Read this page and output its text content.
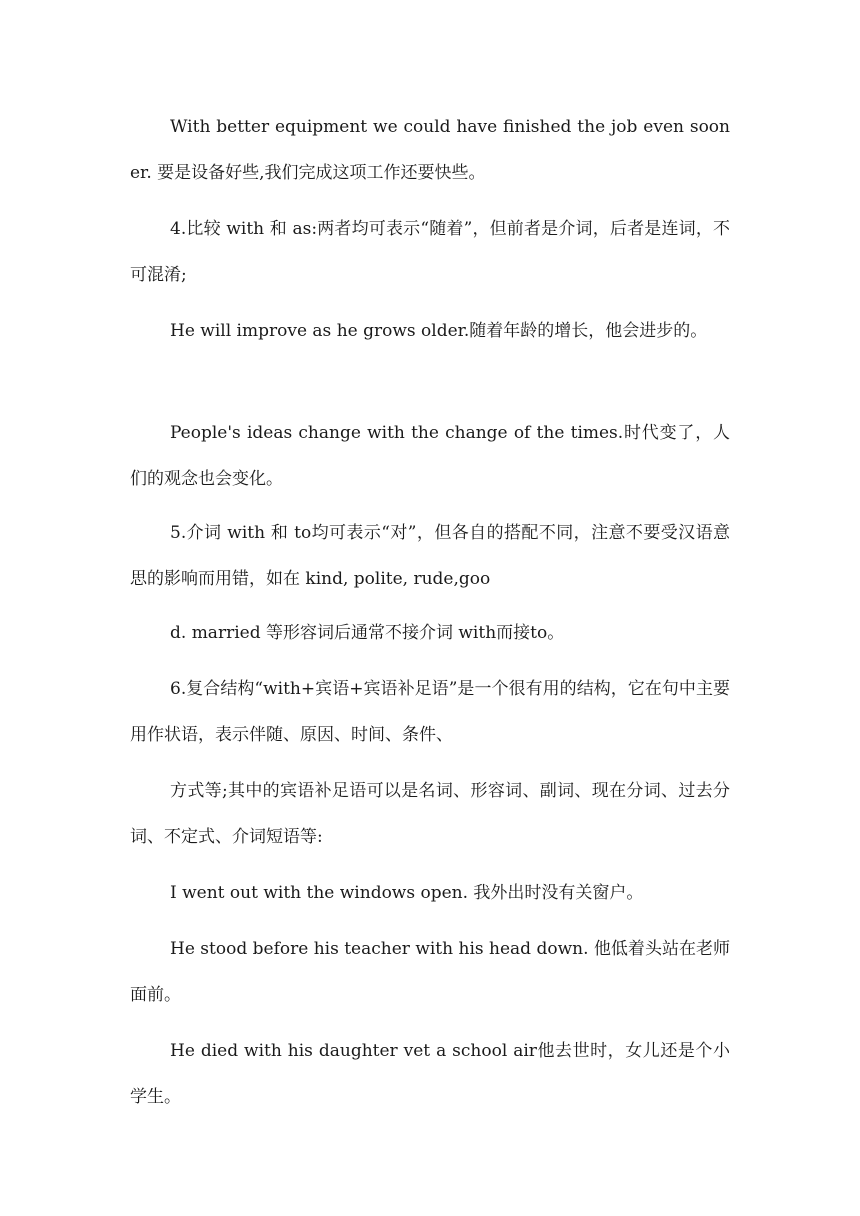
With better equipment we could have finished the job even sooner. 要是设备好些,我们完成这项工作还要快些。

4.比较 with 和 as:两者均可表示“随着”，但前者是介词，后者是连词，不可混淆;

He will improve as he grows older.随着年龄的增长，他会进步的。

People's ideas change with the change of the times.时代变了，人们的观念也会变化。

5.介词 with 和 to均可表示“对”，但各自的搭配不同，注意不要受汉语意思的影响而用错，如在 kind, polite, rude,goo

d. married 等形容词后通常不接介词 with而接to。

6.复合结构“with+宾语+宾语补足语”是一个很有用的结构，它在句中主要用作状语，表示伴随、原因、时间、条件、

方式等;其中的宾语补足语可以是名词、形容词、副词、现在分词、过去分词、不定式、介词短语等:

I went out with the windows open. 我外出时没有关窗户。

He stood before his teacher with his head down. 他低着头站在老师面前。

He died with his daughter vet a school air他去世时，女儿还是个小学生。
